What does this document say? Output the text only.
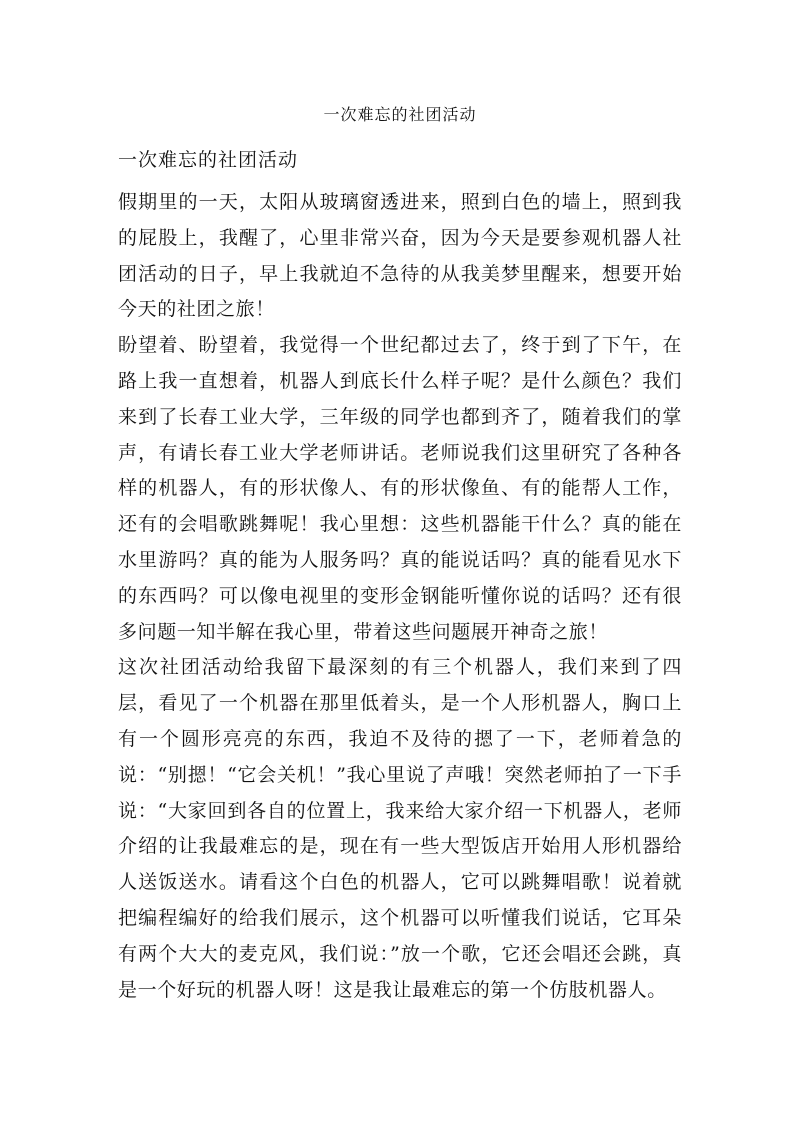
一次难忘的社团活动
一次难忘的社团活动

假期里的一天，太阳从玻璃窗透进来，照到白色的墙上，照到我的屁股上，我醒了，心里非常兴奋，因为今天是要参观机器人社团活动的日子，早上我就迫不急待的从我美梦里醒来，想要开始今天的社团之旅！

盼望着、盼望着，我觉得一个世纪都过去了，终于到了下午，在路上我一直想着，机器人到底长什么样子呢？是什么颜色？我们来到了长春工业大学，三年级的同学也都到齐了，随着我们的掌声，有请长春工业大学老师讲话。老师说我们这里研究了各种各样的机器人，有的形状像人、有的形状像鱼、有的能帮人工作，还有的会唱歌跳舞呢！我心里想：这些机器能干什么？真的能在水里游吗？真的能为人服务吗？真的能说话吗？真的能看见水下的东西吗？可以像电视里的变形金钢能听懂你说的话吗？还有很多问题一知半解在我心里，带着这些问题展开神奇之旅！

这次社团活动给我留下最深刻的有三个机器人，我们来到了四层，看见了一个机器在那里低着头，是一个人形机器人，胸口上有一个圆形亮亮的东西，我迫不及待的摁了一下，老师着急的说：“别摁！“它会关机！”我心里说了声哦！突然老师拍了一下手说：“大家回到各自的位置上，我来给大家介绍一下机器人，老师介绍的让我最难忘的是，现在有一些大型饭店开始用人形机器给人送饭送水。请看这个白色的机器人，它可以跳舞唱歌！说着就把编程编好的给我们展示，这个机器可以听懂我们说话，它耳朵有两个大大的麦克风，我们说：”放一个歌，它还会唱还会跳，真是一个好玩的机器人呀！这是我让最难忘的第一个仿肢机器人。
